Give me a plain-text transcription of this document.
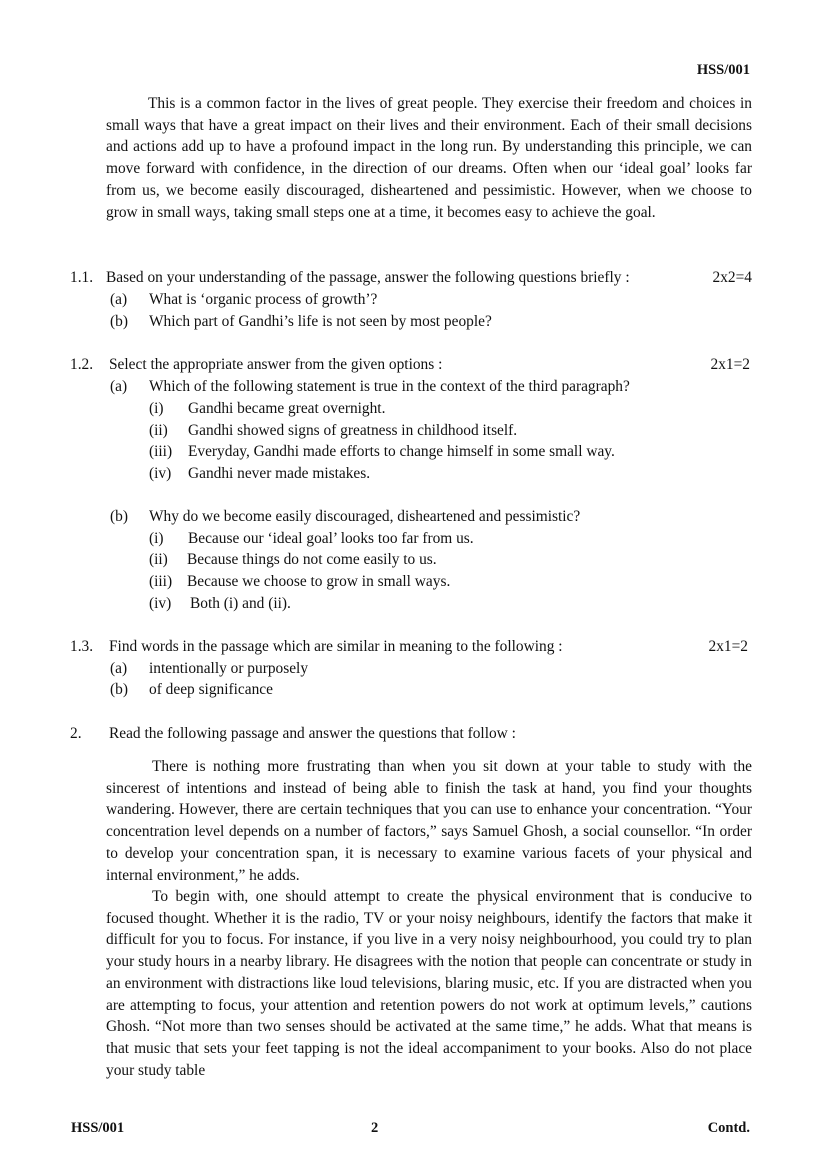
HSS/001

This is a common factor in the lives of great people. They exercise their freedom and choices in small ways that have a great impact on their lives and their environment. Each of their small decisions and actions add up to have a profound impact in the long run. By understanding this principle, we can move forward with confidence, in the direction of our dreams. Often when our ‘ideal goal’ looks far from us, we become easily discouraged, disheartened and pessimistic. However, when we choose to grow in small ways, taking small steps one at a time, it becomes easy to achieve the goal.

1.1. Based on your understanding of the passage, answer the following questions briefly :	2x2=4
(a) What is ‘organic process of growth’?
(b) Which part of Gandhi’s life is not seen by most people?
1.2. Select the appropriate answer from the given options :	2x1=2
(a) Which of the following statement is true in the context of the third paragraph?
(i) Gandhi became great overnight.
(ii) Gandhi showed signs of greatness in childhood itself.
(iii) Everyday, Gandhi made efforts to change himself in some small way.
(iv) Gandhi never made mistakes.
(b) Why do we become easily discouraged, disheartened and pessimistic?
(i) Because our ‘ideal goal’ looks too far from us.
(ii) Because things do not come easily to us.
(iii) Because we choose to grow in small ways.
(iv) Both (i) and (ii).
1.3. Find words in the passage which are similar in meaning to the following :	2x1=2
(a) intentionally or purposely
(b) of deep significance
2. Read the following passage and answer the questions that follow :

There is nothing more frustrating than when you sit down at your table to study with the sincerest of intentions and instead of being able to finish the task at hand, you find your thoughts wandering. However, there are certain techniques that you can use to enhance your concentration. “Your concentration level depends on a number of factors,” says Samuel Ghosh, a social counsellor. “In order to develop your concentration span, it is necessary to examine various facets of your physical and internal environment,” he adds.

To begin with, one should attempt to create the physical environment that is conducive to focused thought. Whether it is the radio, TV or your noisy neighbours, identify the factors that make it difficult for you to focus. For instance, if you live in a very noisy neighbourhood, you could try to plan your study hours in a nearby library. He disagrees with the notion that people can concentrate or study in an environment with distractions like loud televisions, blaring music, etc. If you are distracted when you are attempting to focus, your attention and retention powers do not work at optimum levels,” cautions Ghosh. “Not more than two senses should be activated at the same time,” he adds. What that means is that music that sets your feet tapping is not the ideal accompaniment to your books. Also do not place your study table

HSS/001	2	Contd.
